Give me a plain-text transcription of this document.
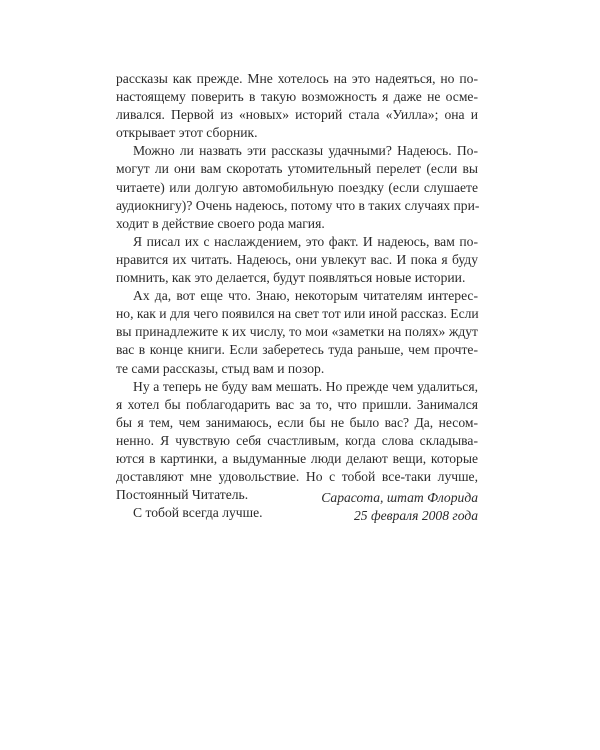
рассказы как прежде. Мне хотелось на это надеяться, но по-
настоящему поверить в такую возможность я даже не осме-
ливался. Первой из «новых» историй стала «Уилла»; она и
открывает этот сборник.
Можно ли назвать эти рассказы удачными? Надеюсь. По-
могут ли они вам скоротать утомительный перелет (если вы
читаете) или долгую автомобильную поездку (если слушаете
аудиокнигу)? Очень надеюсь, потому что в таких случаях при-
ходит в действие своего рода магия.
Я писал их с наслаждением, это факт. И надеюсь, вам по-
нравится их читать. Надеюсь, они увлекут вас. И пока я буду
помнить, как это делается, будут появляться новые истории.
Ах да, вот еще что. Знаю, некоторым читателям интерес-
но, как и для чего появился на свет тот или иной рассказ. Если
вы принадлежите к их числу, то мои «заметки на полях» ждут
вас в конце книги. Если заберетесь туда раньше, чем прочте-
те сами рассказы, стыд вам и позор.
Ну а теперь не буду вам мешать. Но прежде чем удалиться,
я хотел бы поблагодарить вас за то, что пришли. Занимался
бы я тем, чем занимаюсь, если бы не было вас? Да, несом-
ненно. Я чувствую себя счастливым, когда слова складыва-
ются в картинки, а выдуманные люди делают вещи, которые
доставляют мне удовольствие. Но с тобой все-таки лучше,
Постоянный Читатель.
С тобой всегда лучше.
Сарасота, штат Флорида
25 февраля 2008 года
